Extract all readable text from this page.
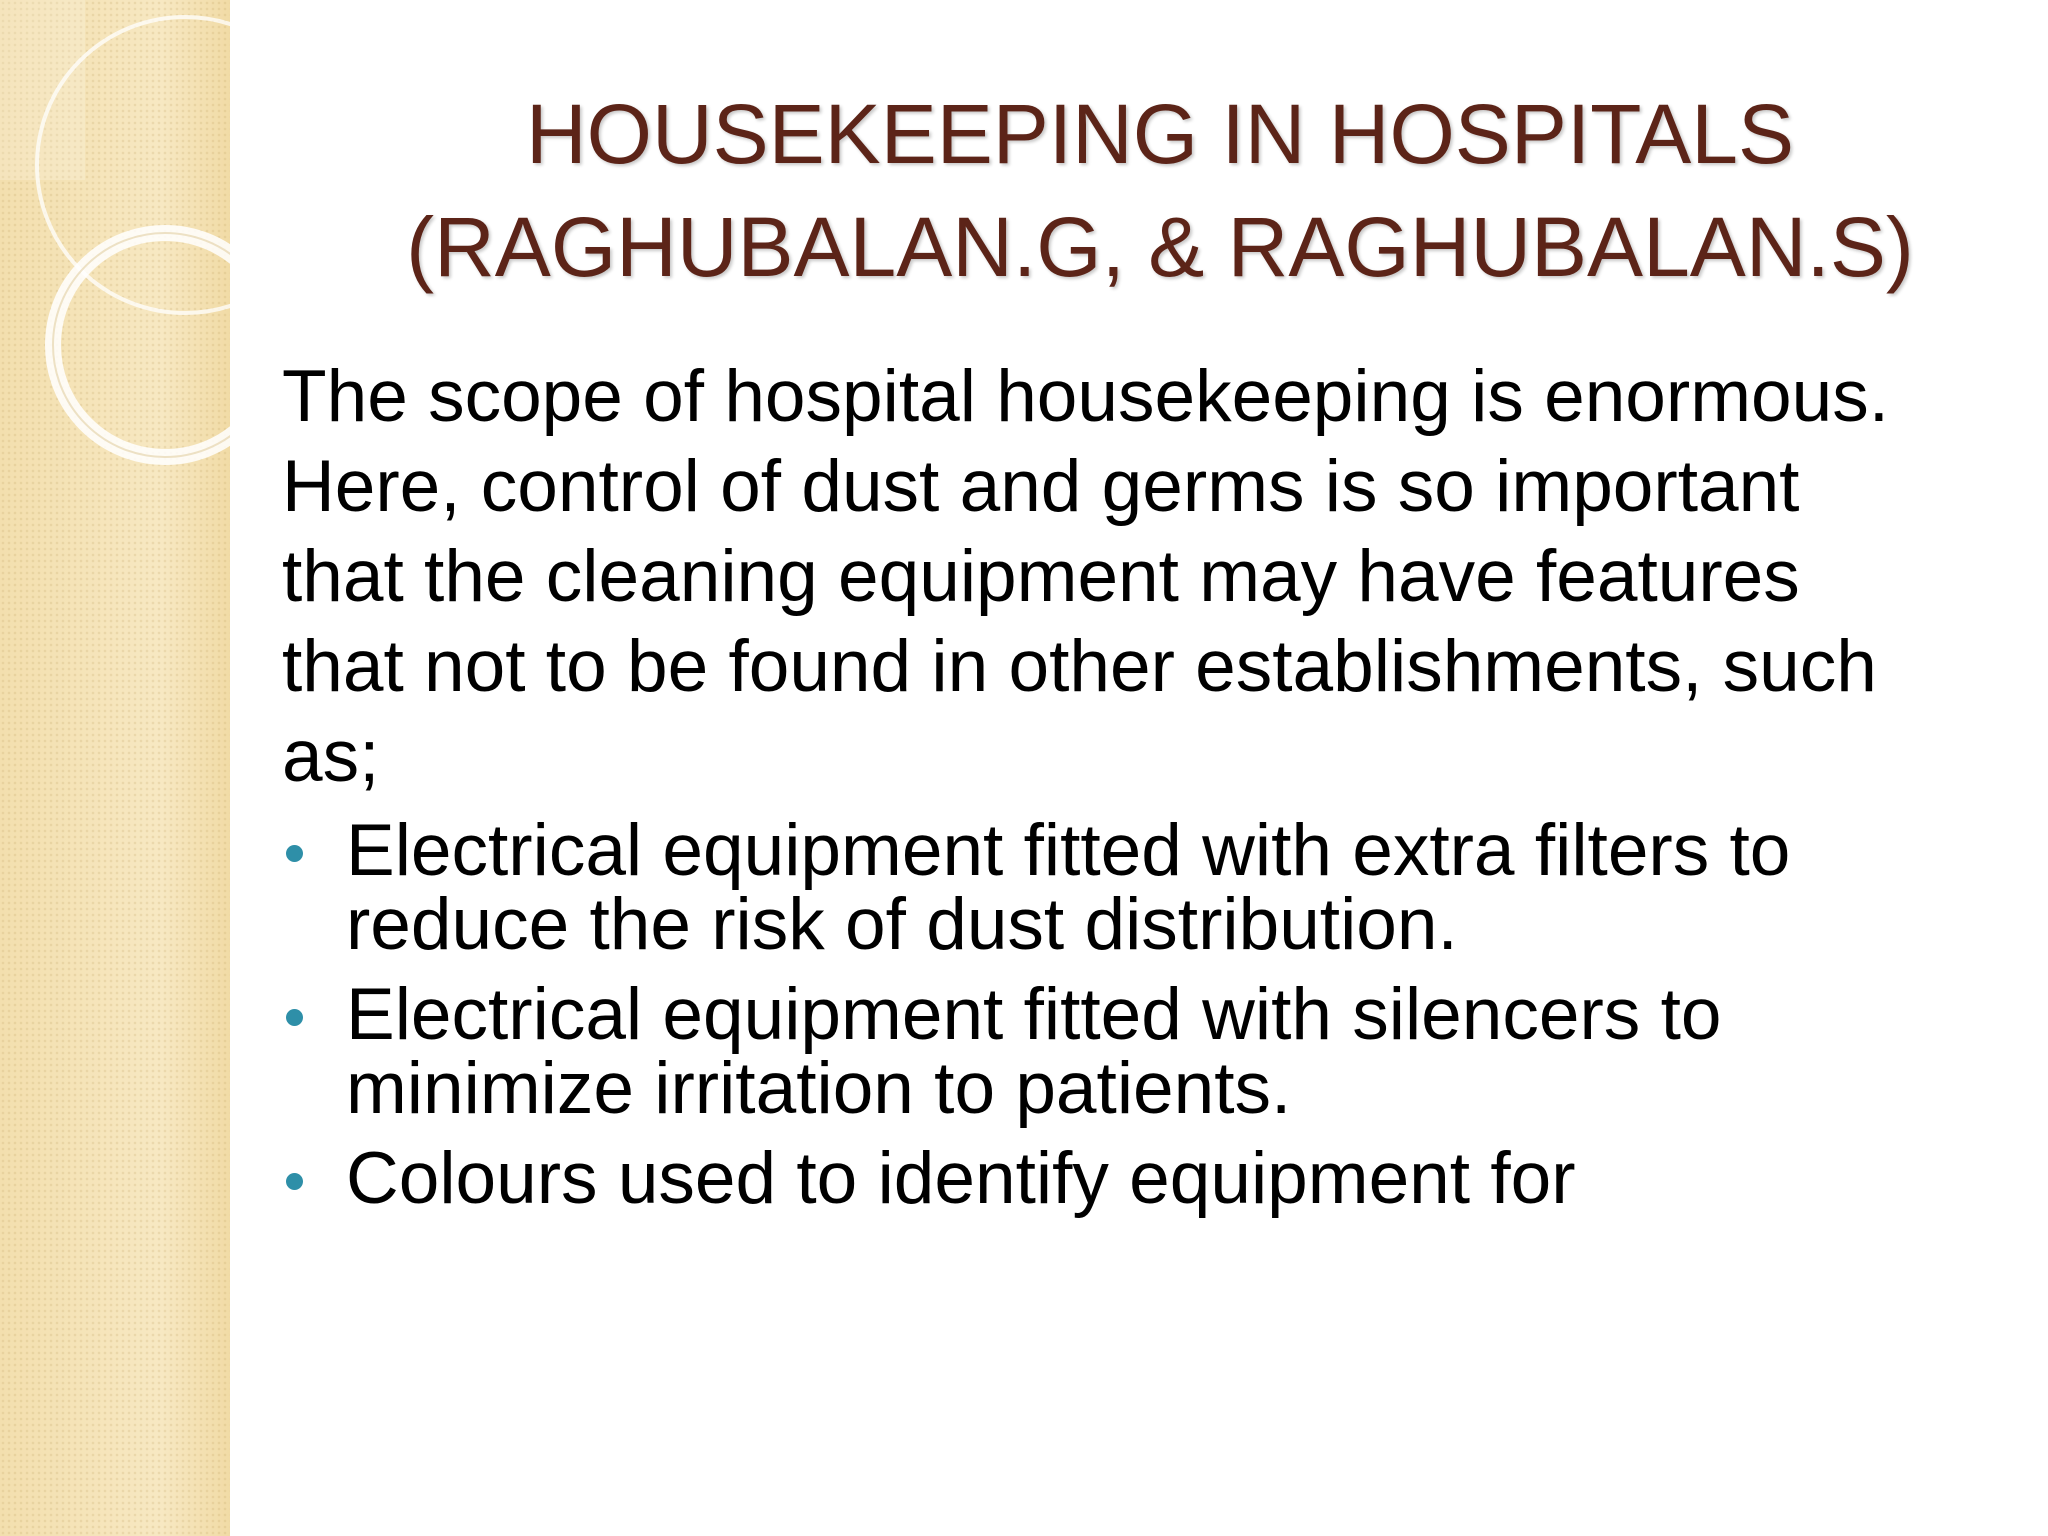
HOUSEKEEPING IN HOSPITALS
(RAGHUBALAN.G, & RAGHUBALAN.S)

The scope of hospital housekeeping is enormous.

Here, control of dust and germs is so important

that the cleaning equipment may have features

that not to be found in other establishments, such

as;

Electrical equipment fitted with extra filters to reduce the risk of dust distribution.
Electrical equipment fitted with silencers to minimize irritation to patients.
Colours used to identify equipment for
